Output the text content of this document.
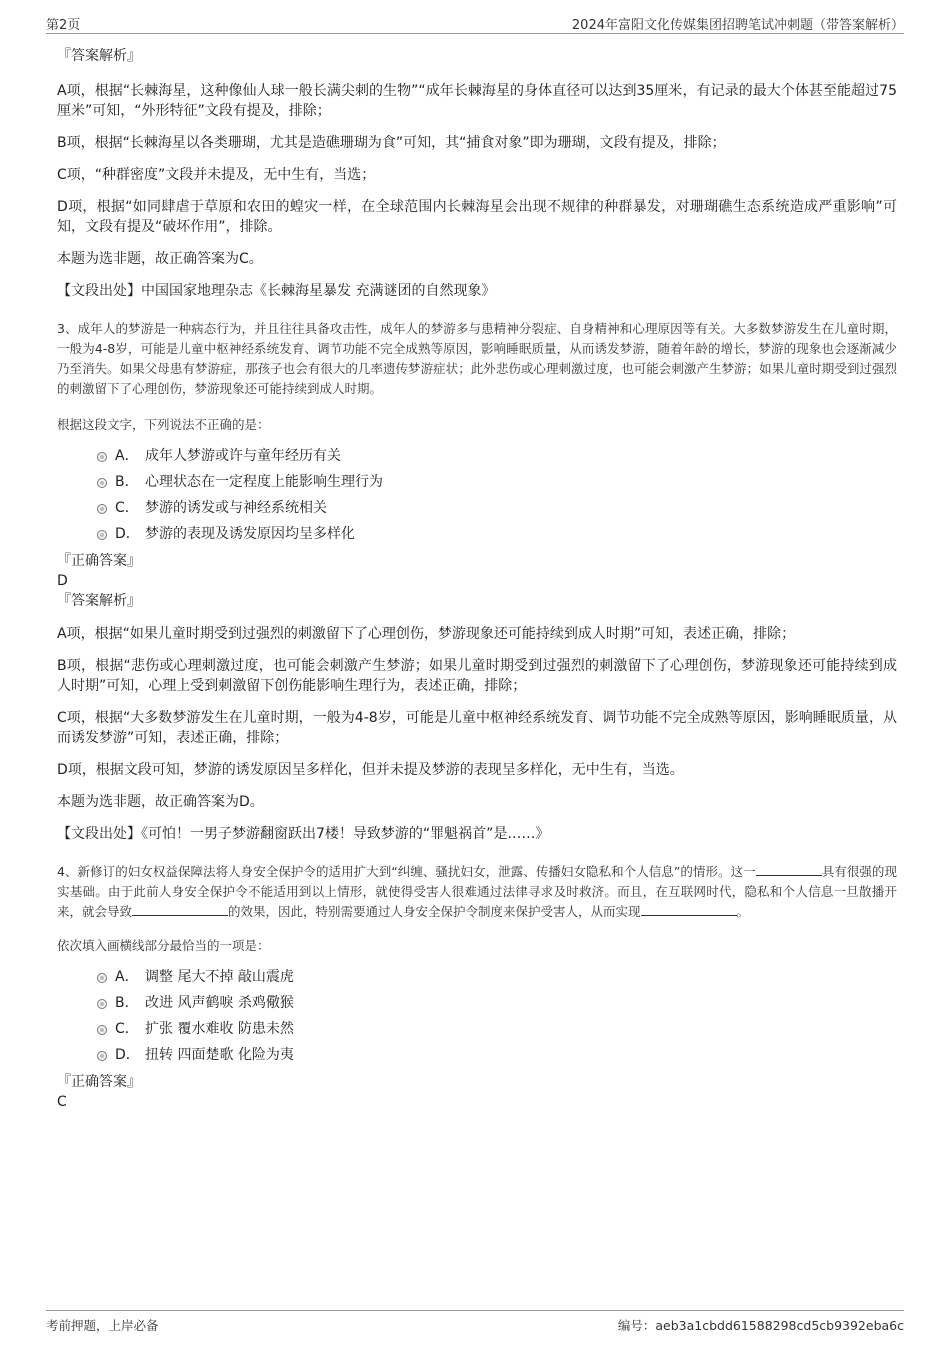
第2页	2024年富阳文化传媒集团招聘笔试冲刺题（带答案解析）
『答案解析』
A项，根据“长棘海星，这种像仙人球一般长满尖刺的生物”“成年长棘海星的身体直径可以达到35厘米，有记录的最大个体甚至能超过75厘米”可知，“外形特征”文段有提及，排除；
B项，根据“长棘海星以各类珊瑚，尤其是造礁珊瑚为食”可知，其“捕食对象”即为珊瑚，文段有提及，排除；
C项，“种群密度”文段并未提及，无中生有，当选；
D项，根据“如同肆虐于草原和农田的蝗灾一样，在全球范围内长棘海星会出现不规律的种群暴发，对珊瑚礁生态系统造成严重影响”可知，文段有提及“破坏作用”，排除。
本题为选非题，故正确答案为C。
【文段出处】中国国家地理杂志《长棘海星暴发 充满谜团的自然现象》
3、成年人的梦游是一种病态行为，并且往往具备攻击性，成年人的梦游多与患精神分裂症、自身精神和心理原因等有关。大多数梦游发生在儿童时期，一般为4-8岁，可能是儿童中枢神经系统发育、调节功能不完全成熟等原因，影响睡眠质量，从而诱发梦游，随着年龄的增长，梦游的现象也会逐渐减少乃至消失。如果父母患有梦游症，那孩子也会有很大的几率遗传梦游症状；此外悲伤或心理刺激过度，也可能会刺激产生梦游；如果儿童时期受到过强烈的刺激留下了心理创伤，梦游现象还可能持续到成人时期。
根据这段文字，下列说法不正确的是：
A． 成年人梦游或许与童年经历有关
B． 心理状态在一定程度上能影响生理行为
C． 梦游的诱发或与神经系统相关
D． 梦游的表现及诱发原因均呈多样化
『正确答案』
D
『答案解析』
A项，根据“如果儿童时期受到过强烈的刺激留下了心理创伤，梦游现象还可能持续到成人时期”可知，表述正确，排除；
B项，根据“悲伤或心理刺激过度，也可能会刺激产生梦游；如果儿童时期受到过强烈的刺激留下了心理创伤，梦游现象还可能持续到成人时期”可知，心理上受到刺激留下创伤能影响生理行为，表述正确，排除；
C项，根据“大多数梦游发生在儿童时期，一般为4-8岁，可能是儿童中枢神经系统发育、调节功能不完全成熟等原因，影响睡眠质量，从而诱发梦游”可知，表述正确，排除；
D项，根据文段可知，梦游的诱发原因呈多样化，但并未提及梦游的表现呈多样化，无中生有，当选。
本题为选非题，故正确答案为D。
【文段出处】《可怕！一男子梦游翻窗跃出7楼！导致梦游的“罪魁祸首”是……》
4、新修订的妇女权益保障法将人身安全保护令的适用扩大到“纠缠、骚扰妇女，泄露、传播妇女隐私和个人信息”的情形。这一	具有很强的现实基础。由于此前人身安全保护令不能适用到以上情形，就使得受害人很难通过法律寻求及时救济。而且，在互联网时代，隐私和个人信息一旦散播开来，就会导致	的效果，因此，特别需要通过人身安全保护令制度来保护受害人，从而实现	。
依次填入画横线部分最恰当的一项是：
A． 调整 尾大不掉 敲山震虎
B． 改进 风声鹤唳 杀鸡儆猴
C． 扩张 覆水难收 防患未然
D． 扭转 四面楚歌 化险为夷
『正确答案』
C
考前押题，上岸必备	编号：aeb3a1cbdd61588298cd5cb9392eba6c
